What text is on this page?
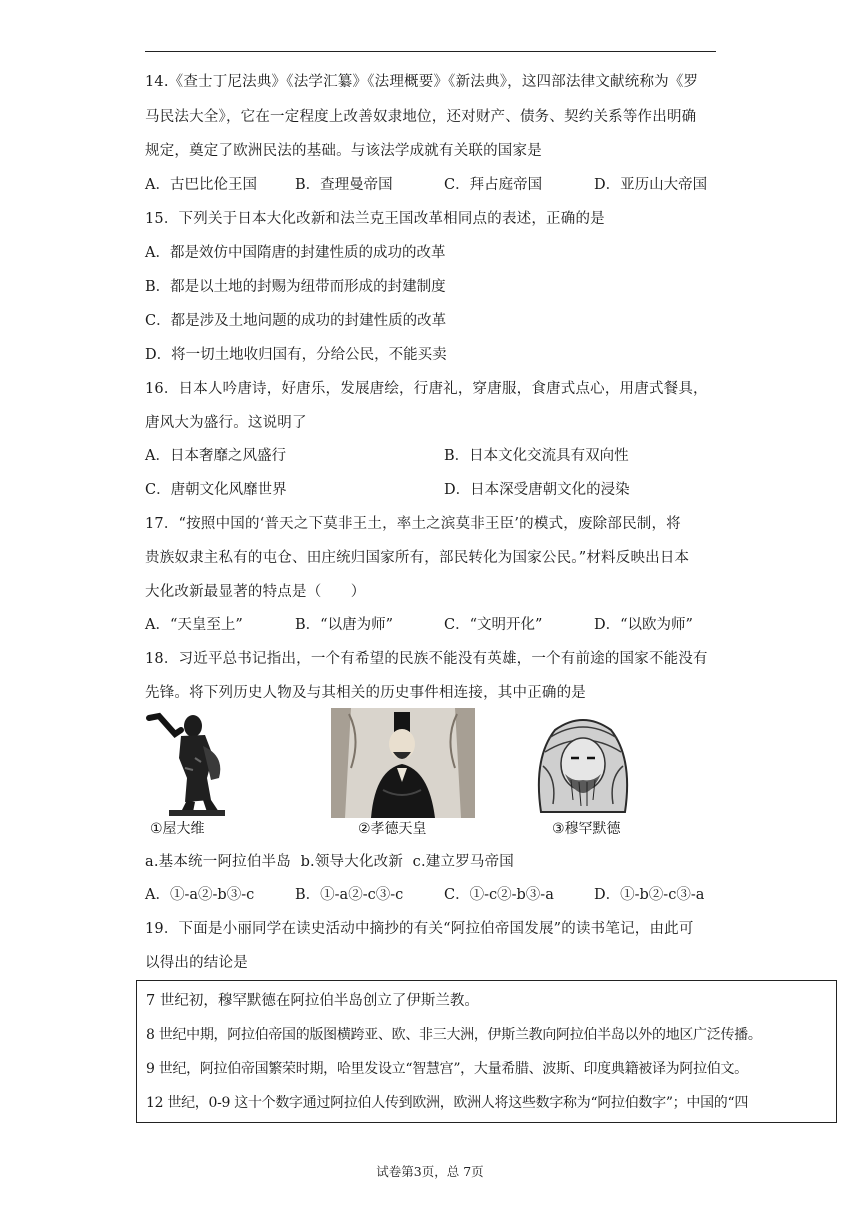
14.《查士丁尼法典》《法学汇纂》《法理概要》《新法典》，这四部法律文献统称为《罗
马民法大全》，它在一定程度上改善奴隶地位，还对财产、债务、契约关系等作出明确
规定，奠定了欧洲民法的基础。与该法学成就有关联的国家是
A．古巴比伦王国	B．查理曼帝国	C．拜占庭帝国	D．亚历山大帝国
15．下列关于日本大化改新和法兰克王国改革相同点的表述，正确的是
A．都是效仿中国隋唐的封建性质的成功的改革
B．都是以土地的封赐为纽带而形成的封建制度
C．都是涉及土地问题的成功的封建性质的改革
D．将一切土地收归国有，分给公民，不能买卖
16．日本人吟唐诗，好唐乐，发展唐绘，行唐礼，穿唐服，食唐式点心，用唐式餐具，
唐风大为盛行。这说明了
A．日本奢靡之风盛行	B．日本文化交流具有双向性
C．唐朝文化风靡世界	D．日本深受唐朝文化的浸染
17．“按照中国的‘普天之下莫非王土，率土之滨莫非王臣’的模式，废除部民制，将
贵族奴隶主私有的屯仓、田庄统归国家所有，部民转化为国家公民。”材料反映出日本
大化改新最显著的特点是（　　）
A．“天皇至上”	B．“以唐为师”	C．“文明开化”	D．“以欧为师”
18．习近平总书记指出，一个有希望的民族不能没有英雄，一个有前途的国家不能没有
先锋。将下列历史人物及与其相关的历史事件相连接，其中正确的是
①屋大维	②孝德天皇	③穆罕默德
a.基本统一阿拉伯半岛  b.领导大化改新  c.建立罗马帝国
A．①-a②-b③-c	B．①-a②-c③-c	C．①-c②-b③-a	D．①-b②-c③-a
19．下面是小丽同学在读史活动中摘抄的有关“阿拉伯帝国发展”的读书笔记，由此可
以得出的结论是
7 世纪初，穆罕默德在阿拉伯半岛创立了伊斯兰教。
8 世纪中期，阿拉伯帝国的版图横跨亚、欧、非三大洲，伊斯兰教向阿拉伯半岛以外的地区广泛传播。
9 世纪，阿拉伯帝国繁荣时期，哈里发设立“智慧宫”，大量希腊、波斯、印度典籍被译为阿拉伯文。
12 世纪，0-9 这十个数字通过阿拉伯人传到欧洲，欧洲人将这些数字称为“阿拉伯数字”；中国的“四
试卷第3页，总 7页
